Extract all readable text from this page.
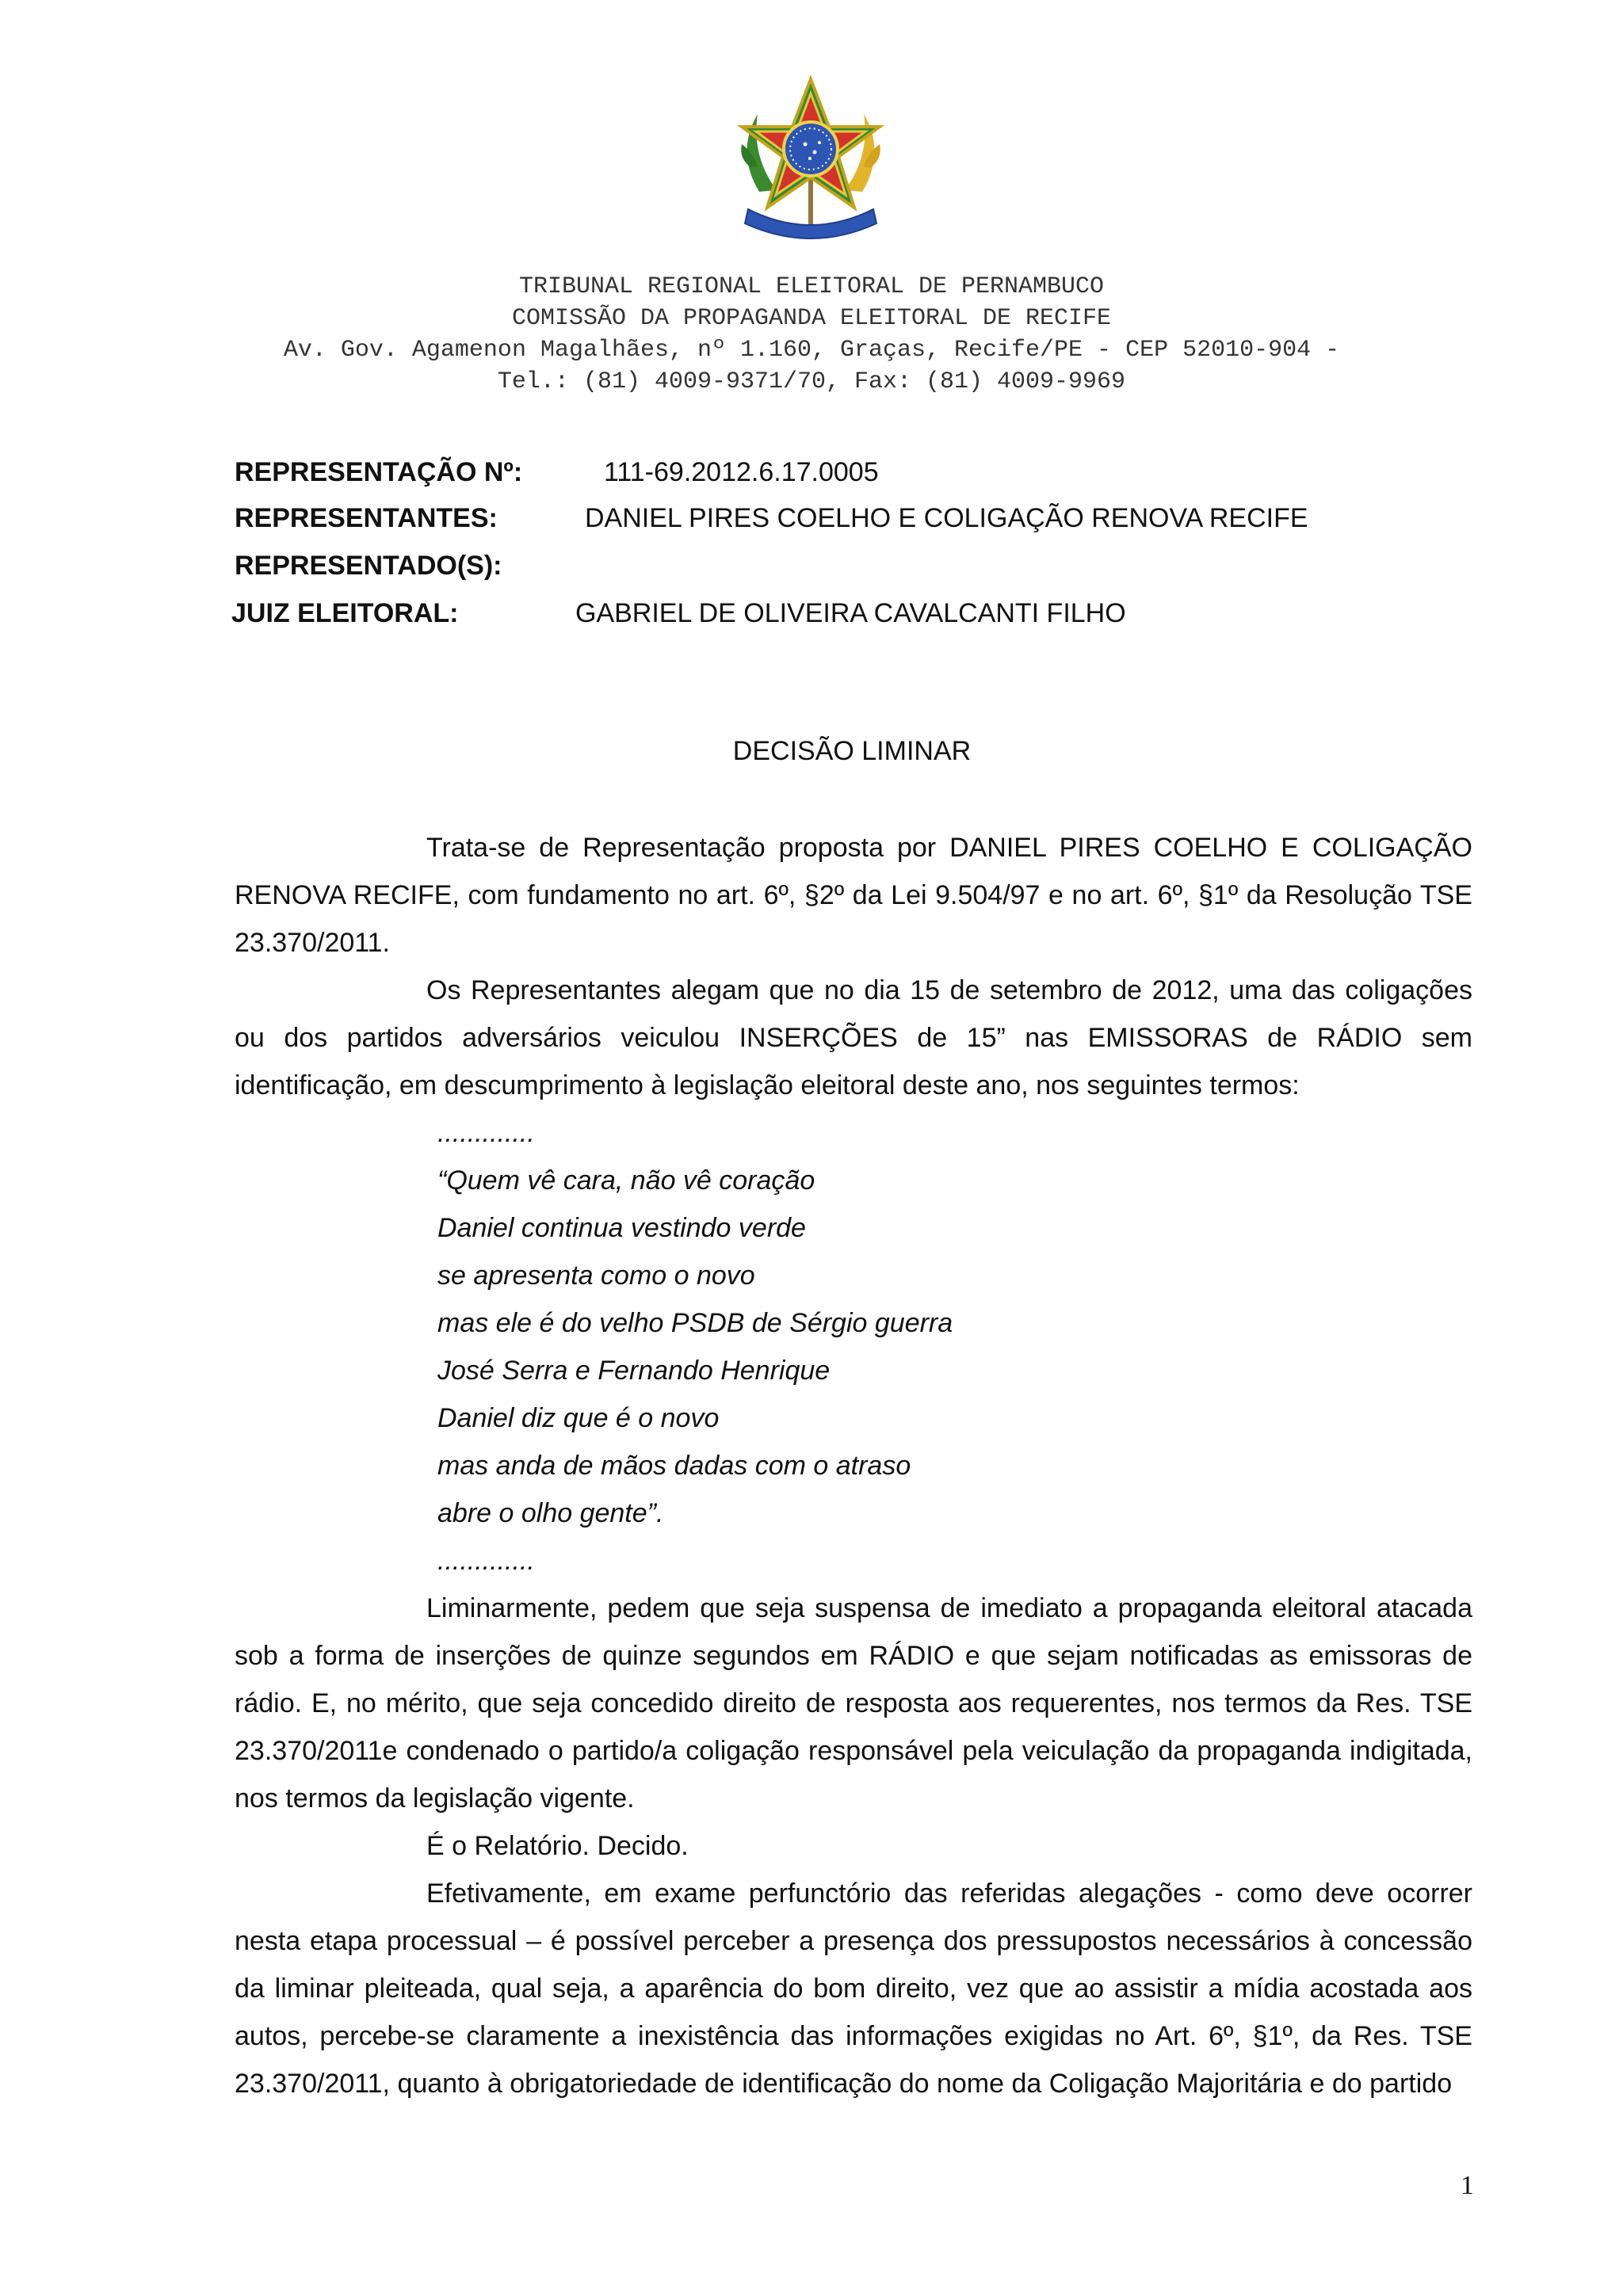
TRIBUNAL REGIONAL ELEITORAL DE PERNAMBUCO
COMISSÃO DA PROPAGANDA ELEITORAL DE RECIFE
Av. Gov. Agamenon Magalhães, nº 1.160, Graças, Recife/PE - CEP 52010-904 -
Tel.: (81) 4009-9371/70, Fax: (81) 4009-9969
REPRESENTAÇÃO Nº:	111-69.2012.6.17.0005
REPRESENTANTES:	DANIEL PIRES COELHO E COLIGAÇÃO RENOVA RECIFE
REPRESENTADO(S):
JUIZ ELEITORAL:	GABRIEL DE OLIVEIRA CAVALCANTI FILHO
DECISÃO LIMINAR

Trata-se de Representação proposta por DANIEL PIRES COELHO E COLIGAÇÃO RENOVA RECIFE, com fundamento no art. 6º, §2º da Lei 9.504/97 e no art. 6º, §1º da Resolução TSE 23.370/2011.

Os Representantes alegam que no dia 15 de setembro de 2012, uma das coligações ou dos partidos adversários veiculou INSERÇÕES de 15” nas EMISSORAS de RÁDIO sem identificação, em descumprimento à legislação eleitoral deste ano, nos seguintes termos:

.............

“Quem vê cara, não vê coração

Daniel continua vestindo verde

se apresenta como o novo

mas ele é do velho PSDB de Sérgio guerra

José Serra e Fernando Henrique

Daniel diz que é o novo

mas anda de mãos dadas com o atraso

abre o olho gente”.

.............

Liminarmente, pedem que seja suspensa de imediato a propaganda eleitoral atacada sob a forma de inserções de quinze segundos em RÁDIO e que sejam notificadas as emissoras de rádio. E, no mérito, que seja concedido direito de resposta aos requerentes, nos termos da Res. TSE 23.370/2011e condenado o partido/a coligação responsável pela veiculação da propaganda indigitada, nos termos da legislação vigente.

É o Relatório. Decido.

Efetivamente, em exame perfunctório das referidas alegações - como deve ocorrer nesta etapa processual – é possível perceber a presença dos pressupostos necessários à concessão da liminar pleiteada, qual seja, a aparência do bom direito, vez que ao assistir a mídia acostada aos autos, percebe-se claramente a inexistência das informações exigidas no Art. 6º, §1º, da Res. TSE 23.370/2011, quanto à obrigatoriedade de identificação do nome da Coligação Majoritária e do partido

1
